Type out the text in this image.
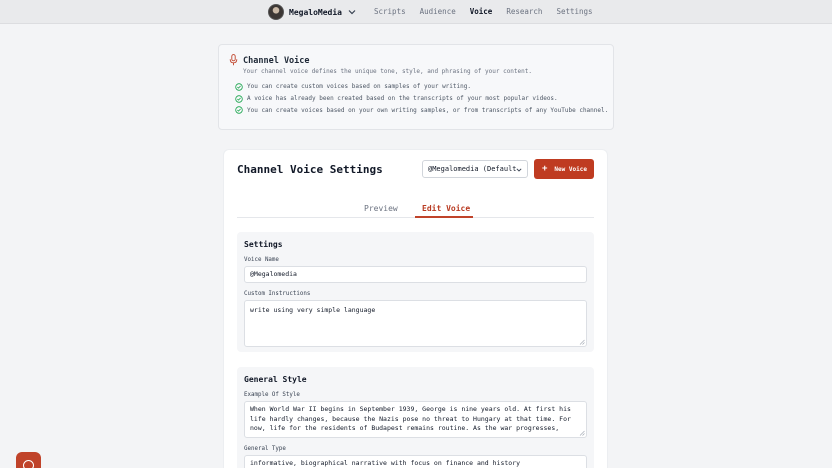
MegaloMedia	Scripts Audience Voice Research Settings
Channel Voice
Your channel voice defines the unique tone, style, and phrasing of your content.
You can create custom voices based on samples of your writing.
A voice has already been created based on the transcripts of your most popular videos.
You can create voices based on your own writing samples, or from transcripts of any YouTube channel.
Channel Voice Settings	@Megalomedia (Default	+ New Voice
Preview	Edit Voice
Settings
Voice Name
@Megalomedia
Custom Instructions
write using very simple language
General Style
Example Of Style
When World War II begins in September 1939, George is nine years old. At first his life hardly changes, because the Nazis pose no threat to Hungary at that time. For now, life for the residents of Budapest remains routine. As the war progresses,
General Type
informative, biographical narrative with focus on finance and history
